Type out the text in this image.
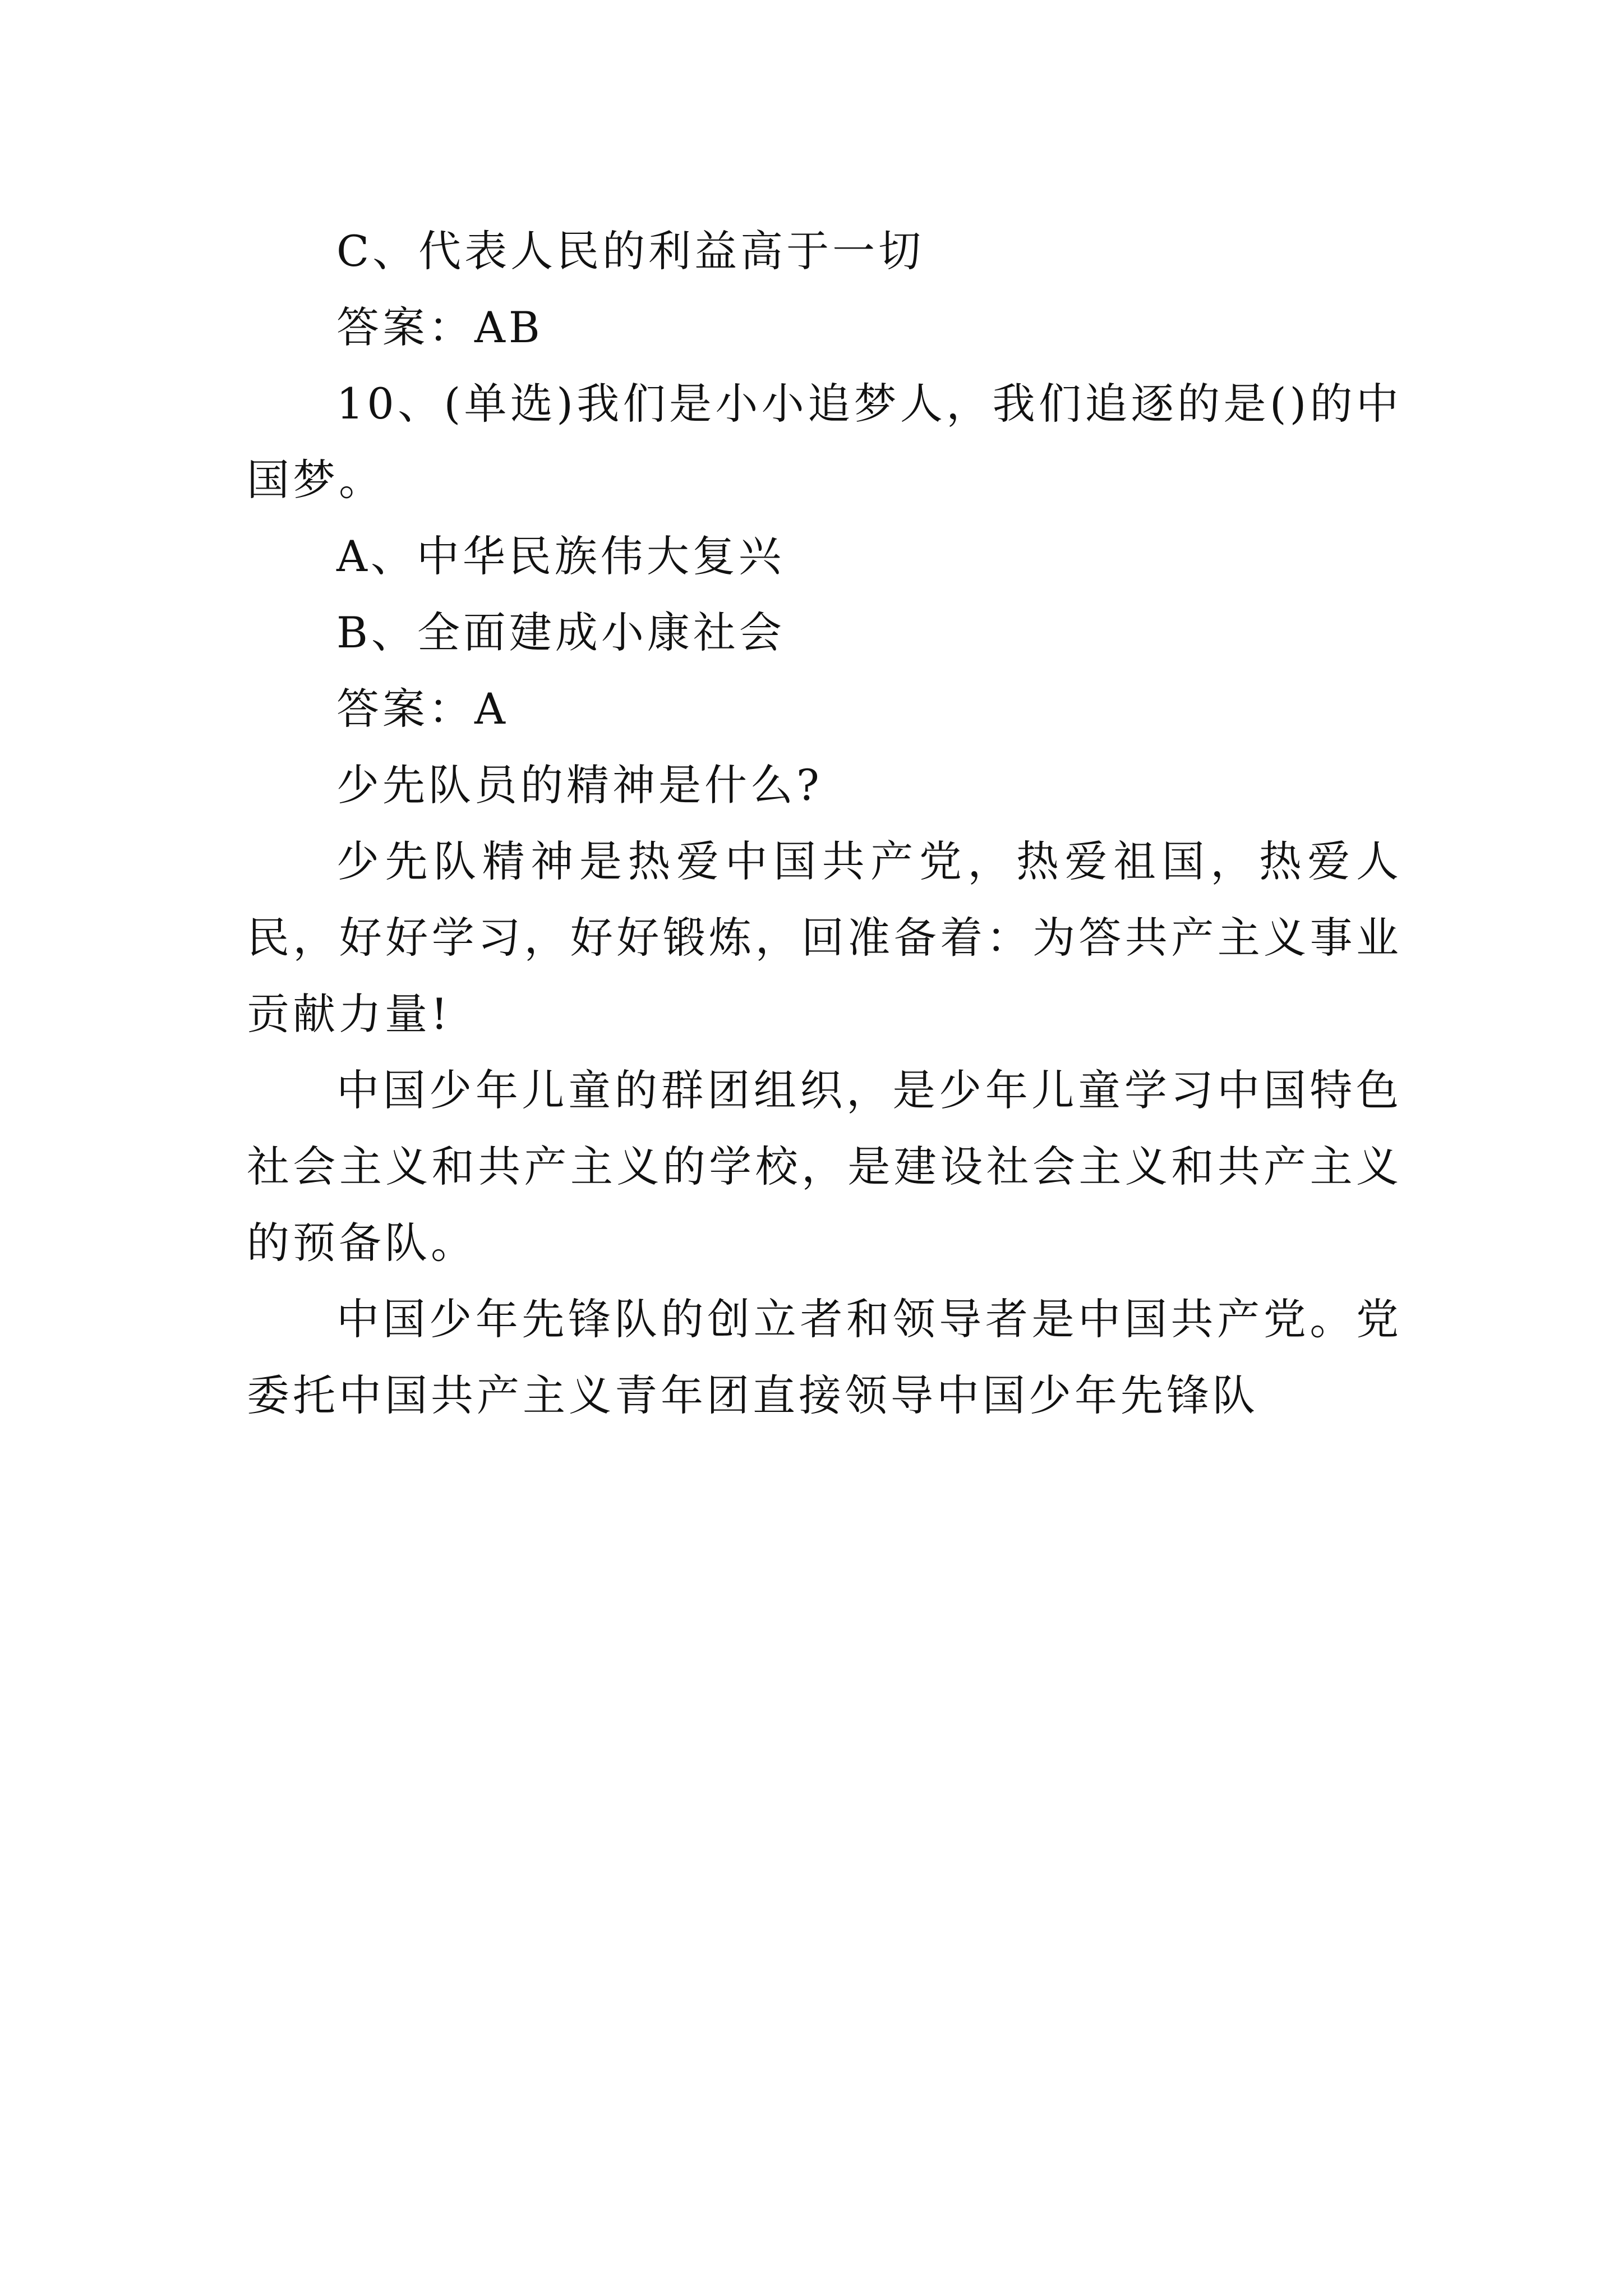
C、代表人民的利益高于一切

答案：AB

10、(单选)我们是小小追梦人，我们追逐的是()的中国梦。

A、中华民族伟大复兴

B、全面建成小康社会

答案：A

少先队员的精神是什么?

少先队精神是热爱中国共产党，热爱祖国，热爱人民，好好学习，好好锻炼，回准备着：为答共产主义事业贡献力量!

中国少年儿童的群团组织，是少年儿童学习中国特色社会主义和共产主义的学校，是建设社会主义和共产主义的预备队。

中国少年先锋队的创立者和领导者是中国共产党。党委托中国共产主义青年团直接领导中国少年先锋队
